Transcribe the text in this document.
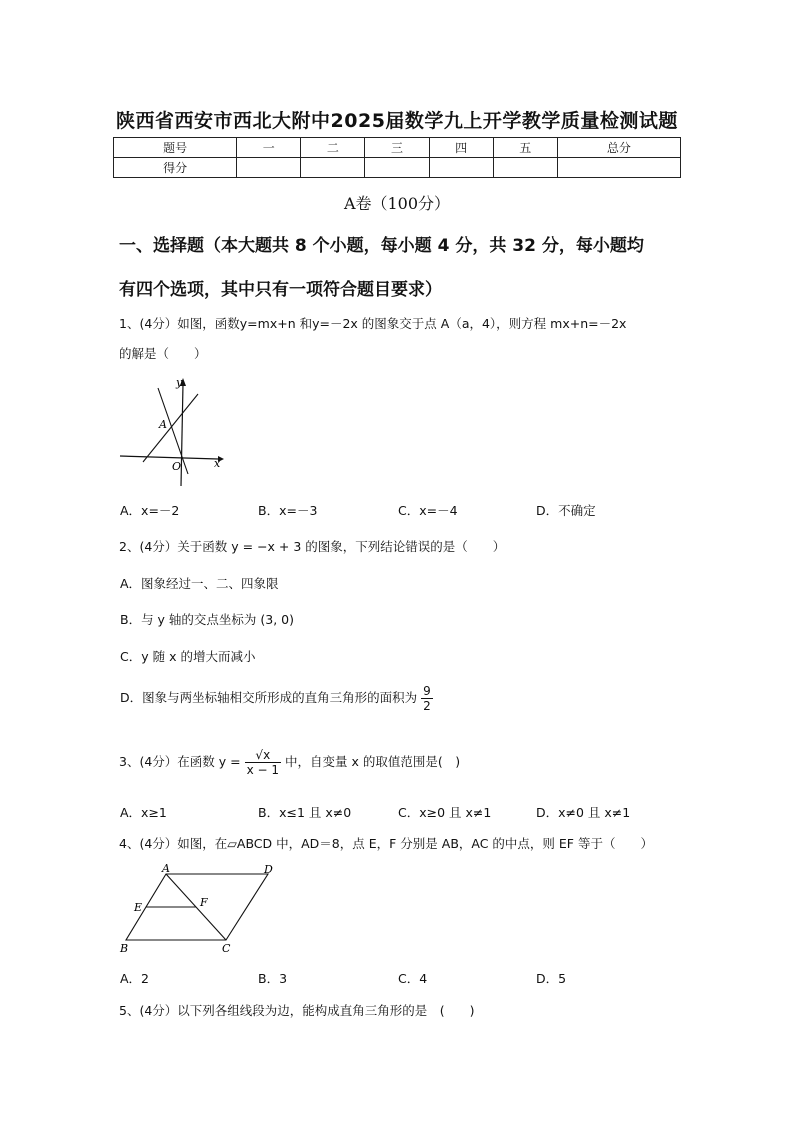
陕西省西安市西北大附中2025届数学九上开学教学质量检测试题
题号	一	二	三	四	五	总分
得分						
A卷（100分）
一、选择题（本大题共 8 个小题，每小题 4 分，共 32 分，每小题均
有四个选项，其中只有一项符合题目要求）
1、(4分）如图，函数y=mx+n 和y=－2x 的图象交于点 A（a，4），则方程 mx+n=－2x
的解是（　　）
y
x
A
O
A．x=－2	B．x=－3	C．x=－4	D．不确定
2、(4分）关于函数 y = −x + 3 的图象，下列结论错误的是（　　）
A．图象经过一、二、四象限
B．与 y 轴的交点坐标为 (3, 0)
C．y 随 x 的增大而减小
D．图象与两坐标轴相交所形成的直角三角形的面积为 $\frac{9}{2}$
3、(4分）在函数 $y = \frac{√x}{x - 1}$ 中，自变量 x 的取值范围是(　)
A．x≥1	B．x≤1 且 x≠0	C．x≥0 且 x≠1	D．x≠0 且 x≠1
4、(4分）如图，在▱ABCD 中，AD＝8，点 E，F 分别是 AB，AC 的中点，则 EF 等于（　　）
A	D
E	F
B	C
A．2	B．3	C．4	D．5
5、(4分）以下列各组线段为边，能构成直角三角形的是　(　　)
